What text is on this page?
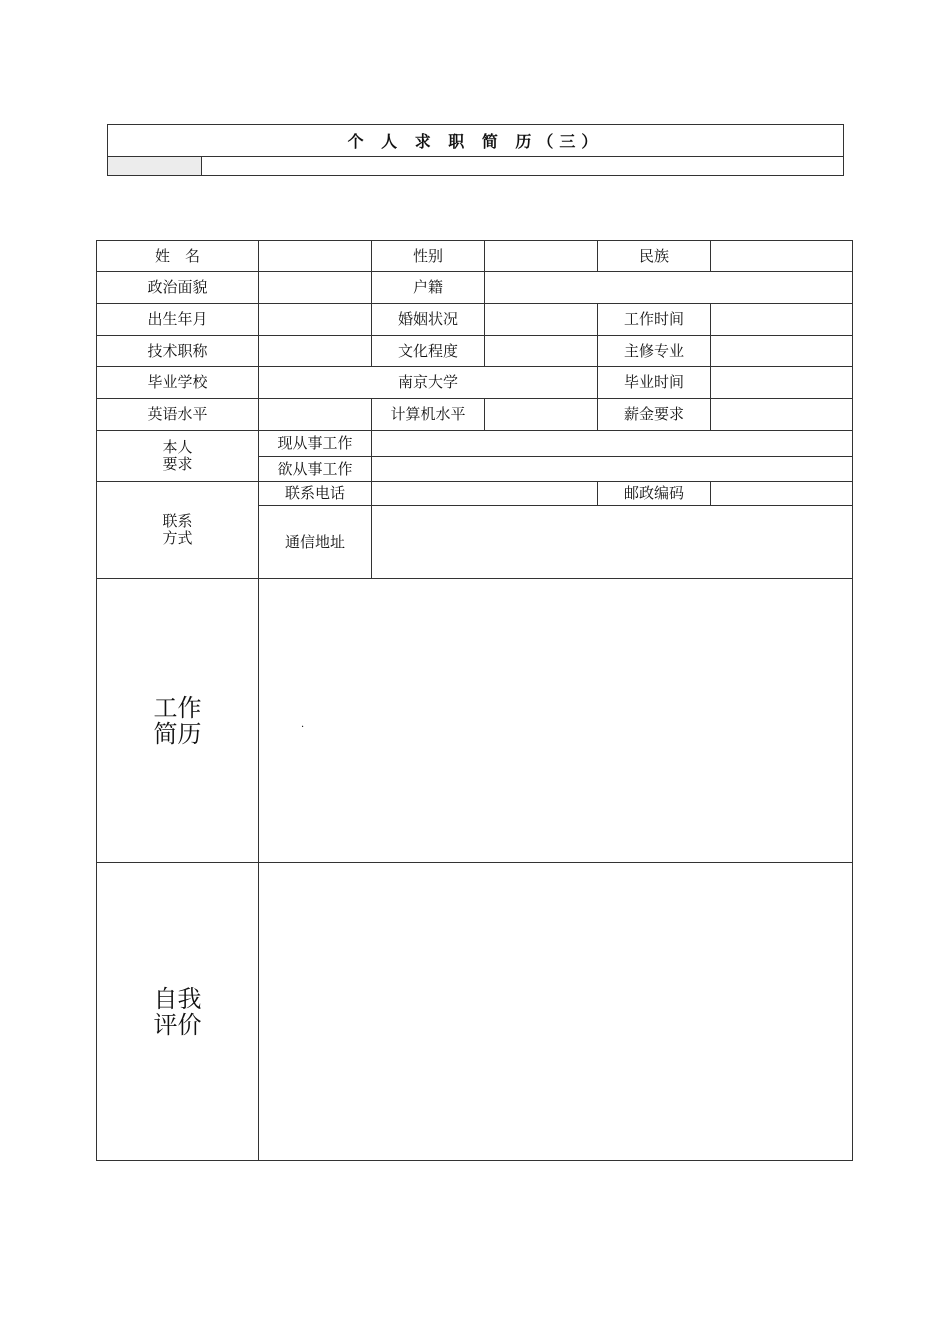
个 人 求 职 简 历（三）
姓　名		性别		民族	
政治面貌		户籍			
出生年月		婚姻状况		工作时间	
技术职称		文化程度		主修专业	
毕业学校	南京大学			毕业时间	
英语水平		计算机水平		薪金要求	

本人
要求	现从事工作				
	欲从事工作				

联系
方式	联系电话			邮政编码	
	通信地址				

工作
简历	·				

自我
评价					
